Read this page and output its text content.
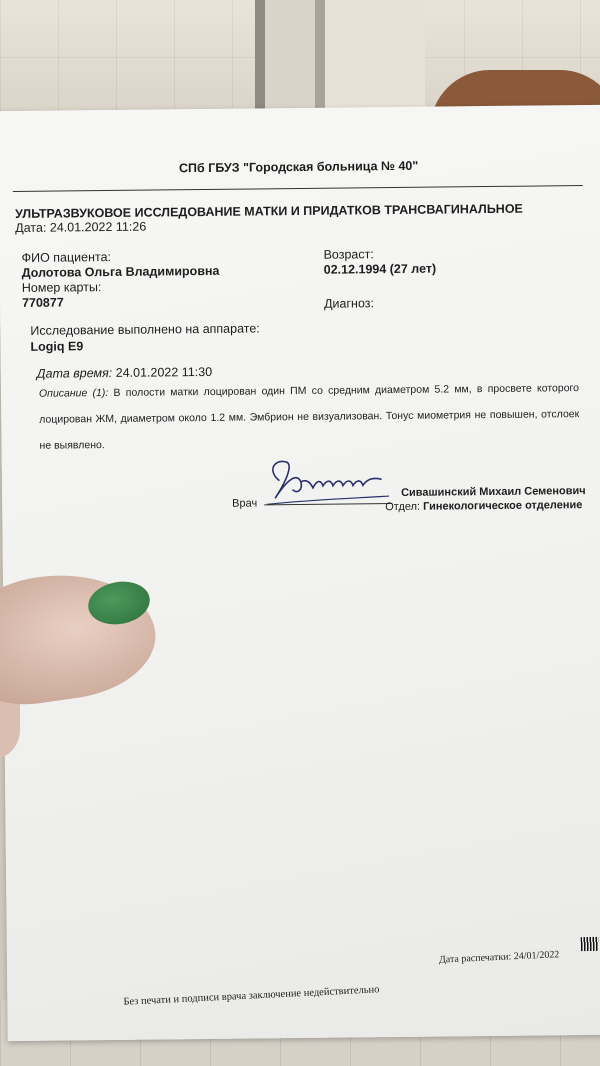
СПб ГБУЗ "Городская больница № 40"
УЛЬТРАЗВУКОВОЕ ИССЛЕДОВАНИЕ МАТКИ И ПРИДАТКОВ ТРАНСВАГИНАЛЬНОЕ
Дата: 24.01.2022 11:26
ФИО пациента:
Долотова Ольга Владимировна
Номер карты:
770877
Возраст:
02.12.1994 (27 лет)
Диагноз:
Исследование выполнено на аппарате:
Logiq E9
Дата время: 24.01.2022 11:30
Описание (1): В полости матки лоцирован один ПМ со средним диаметром 5.2 мм, в просвете которого лоцирован ЖМ, диаметром около 1.2 мм. Эмбрион не визуализован. Тонус миометрия не повышен, отслоек не выявлено.
Врач
Сивашинский Михаил Семенович
Отдел: Гинекологическое отделение
Дата распечатки: 24/01/2022
Без печати и подписи врача заключение недействительно
